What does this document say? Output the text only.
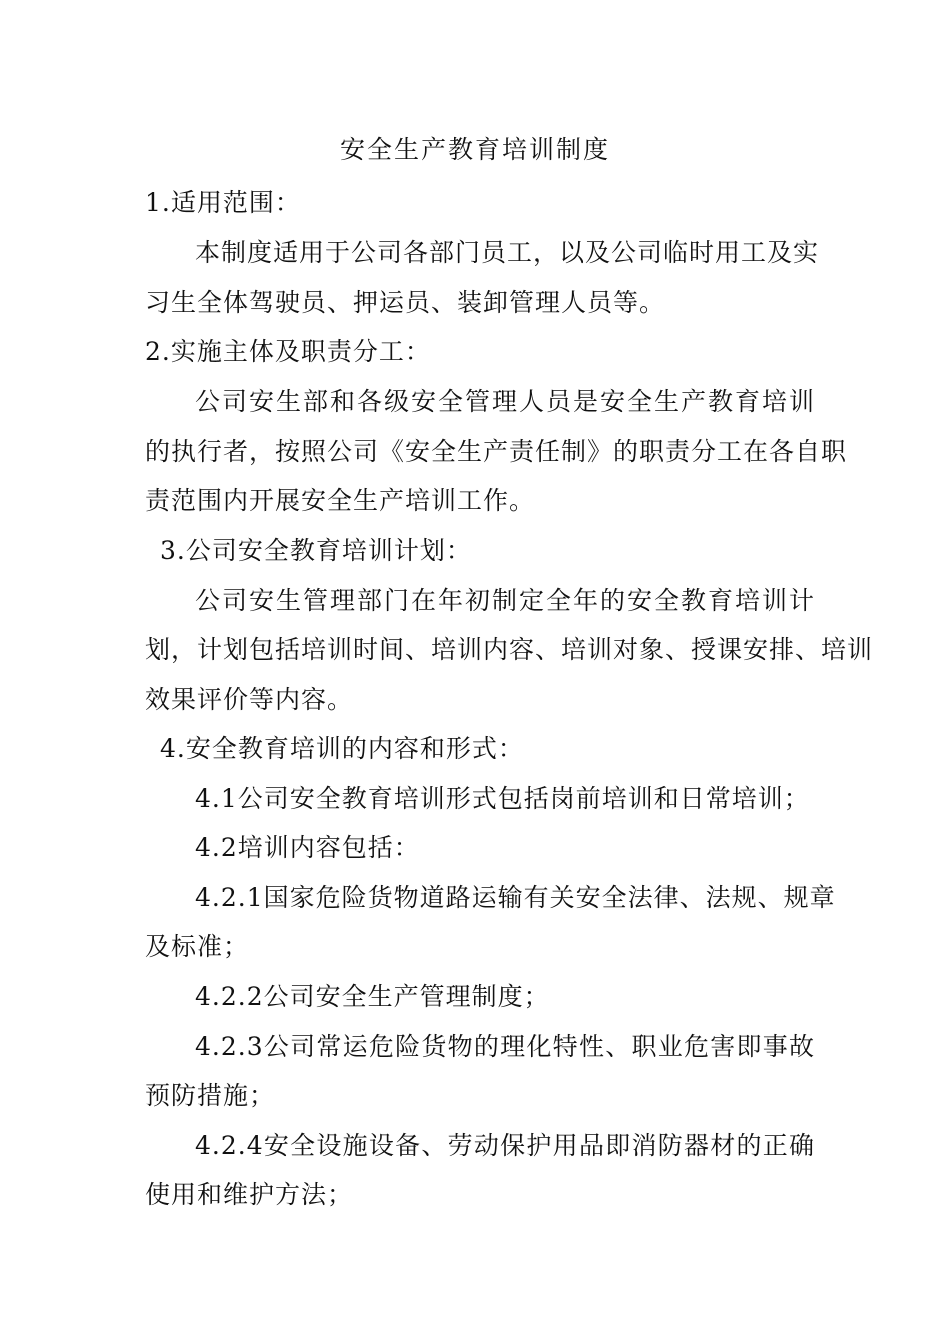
安全生产教育培训制度
1.适用范围：
本制度适用于公司各部门员工，以及公司临时用工及实
习生全体驾驶员、押运员、装卸管理人员等。
2.实施主体及职责分工：
公司安生部和各级安全管理人员是安全生产教育培训
的执行者，按照公司《安全生产责任制》的职责分工在各自职
责范围内开展安全生产培训工作。
3.公司安全教育培训计划：
公司安生管理部门在年初制定全年的安全教育培训计
划，计划包括培训时间、培训内容、培训对象、授课安排、培训
效果评价等内容。
4.安全教育培训的内容和形式：
4.1公司安全教育培训形式包括岗前培训和日常培训；
4.2培训内容包括：
4.2.1国家危险货物道路运输有关安全法律、法规、规章
及标准；
4.2.2公司安全生产管理制度；
4.2.3公司常运危险货物的理化特性、职业危害即事故
预防措施；
4.2.4安全设施设备、劳动保护用品即消防器材的正确
使用和维护方法；
